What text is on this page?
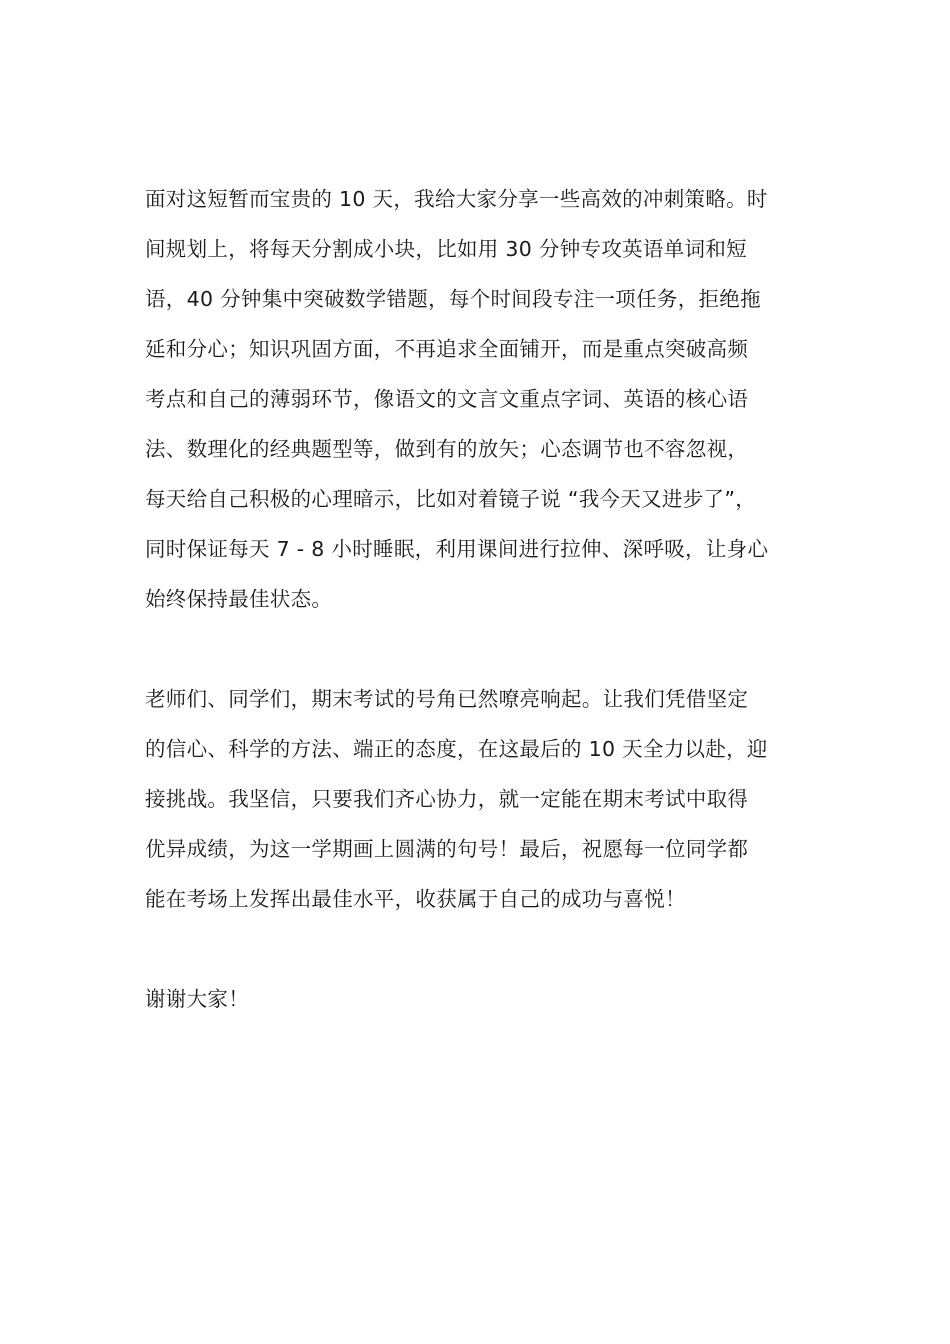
面对这短暂而宝贵的 10 天，我给大家分享一些高效的冲刺策略。时
间规划上，将每天分割成小块，比如用 30 分钟专攻英语单词和短
语，40 分钟集中突破数学错题，每个时间段专注一项任务，拒绝拖
延和分心；知识巩固方面，不再追求全面铺开，而是重点突破高频
考点和自己的薄弱环节，像语文的文言文重点字词、英语的核心语
法、数理化的经典题型等，做到有的放矢；心态调节也不容忽视，
每天给自己积极的心理暗示，比如对着镜子说 “我今天又进步了”，
同时保证每天 7 - 8 小时睡眠，利用课间进行拉伸、深呼吸，让身心
始终保持最佳状态。
老师们、同学们，期末考试的号角已然嘹亮响起。让我们凭借坚定
的信心、科学的方法、端正的态度，在这最后的 10 天全力以赴，迎
接挑战。我坚信，只要我们齐心协力，就一定能在期末考试中取得
优异成绩，为这一学期画上圆满的句号！最后，祝愿每一位同学都
能在考场上发挥出最佳水平，收获属于自己的成功与喜悦！
谢谢大家！
